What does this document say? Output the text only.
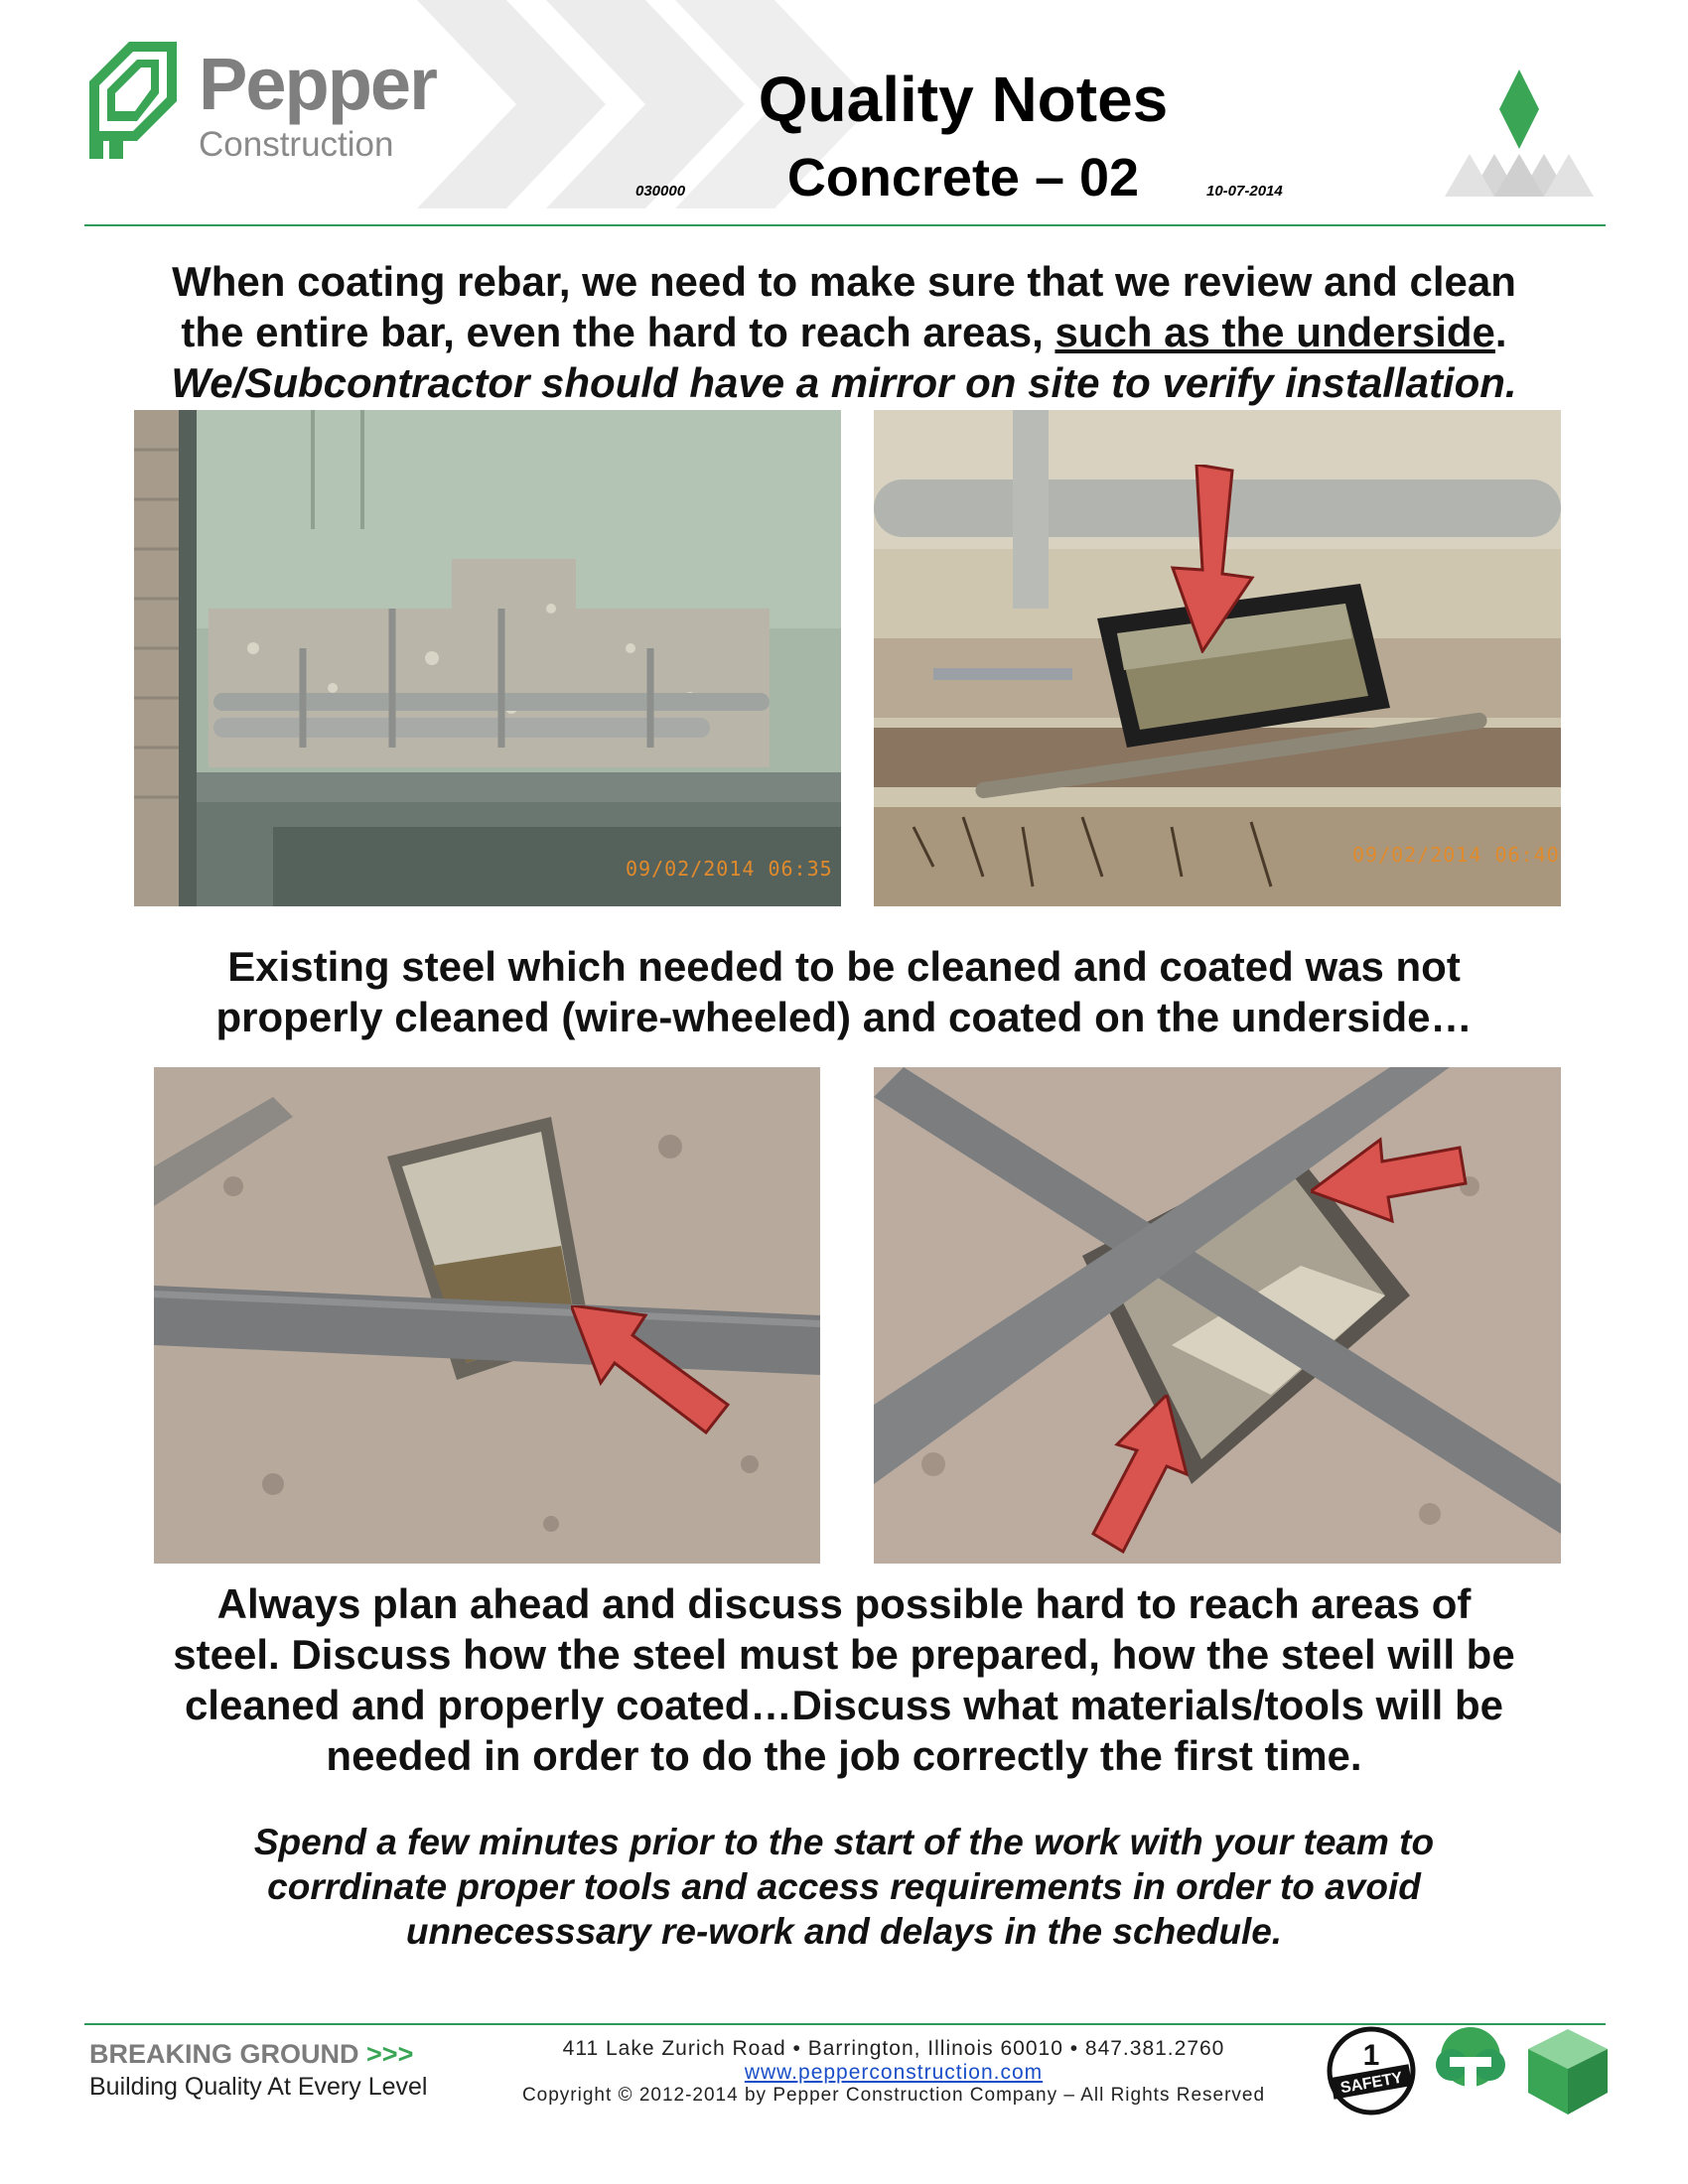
Pepper
Construction
Quality Notes
Concrete – 02
030000	10-07-2014
When coating rebar, we need to make sure that we review and clean
the entire bar, even the hard to reach areas, such as the underside.
We/Subcontractor should have a mirror on site to verify installation.
09/02/2014 06:35
09/02/2014 06:40
Existing steel which needed to be cleaned and coated was not
properly cleaned (wire-wheeled) and coated on the underside…
Always plan ahead and discuss possible hard to reach areas of
steel. Discuss how the steel must be prepared, how the steel will be
cleaned and properly coated…Discuss what materials/tools will be
needed in order to do the job correctly the first time.
Spend a few minutes prior to the start of the work with your team to
corrdinate proper tools and access requirements in order to avoid
unnecesssary re-work and delays in the schedule.
BREAKING GROUND >>>
Building Quality At Every Level
411 Lake Zurich Road • Barrington, Illinois 60010 • 847.381.2760
www.pepperconstruction.com
Copyright © 2012-2014 by Pepper Construction Company – All Rights Reserved
1
SAFETY
